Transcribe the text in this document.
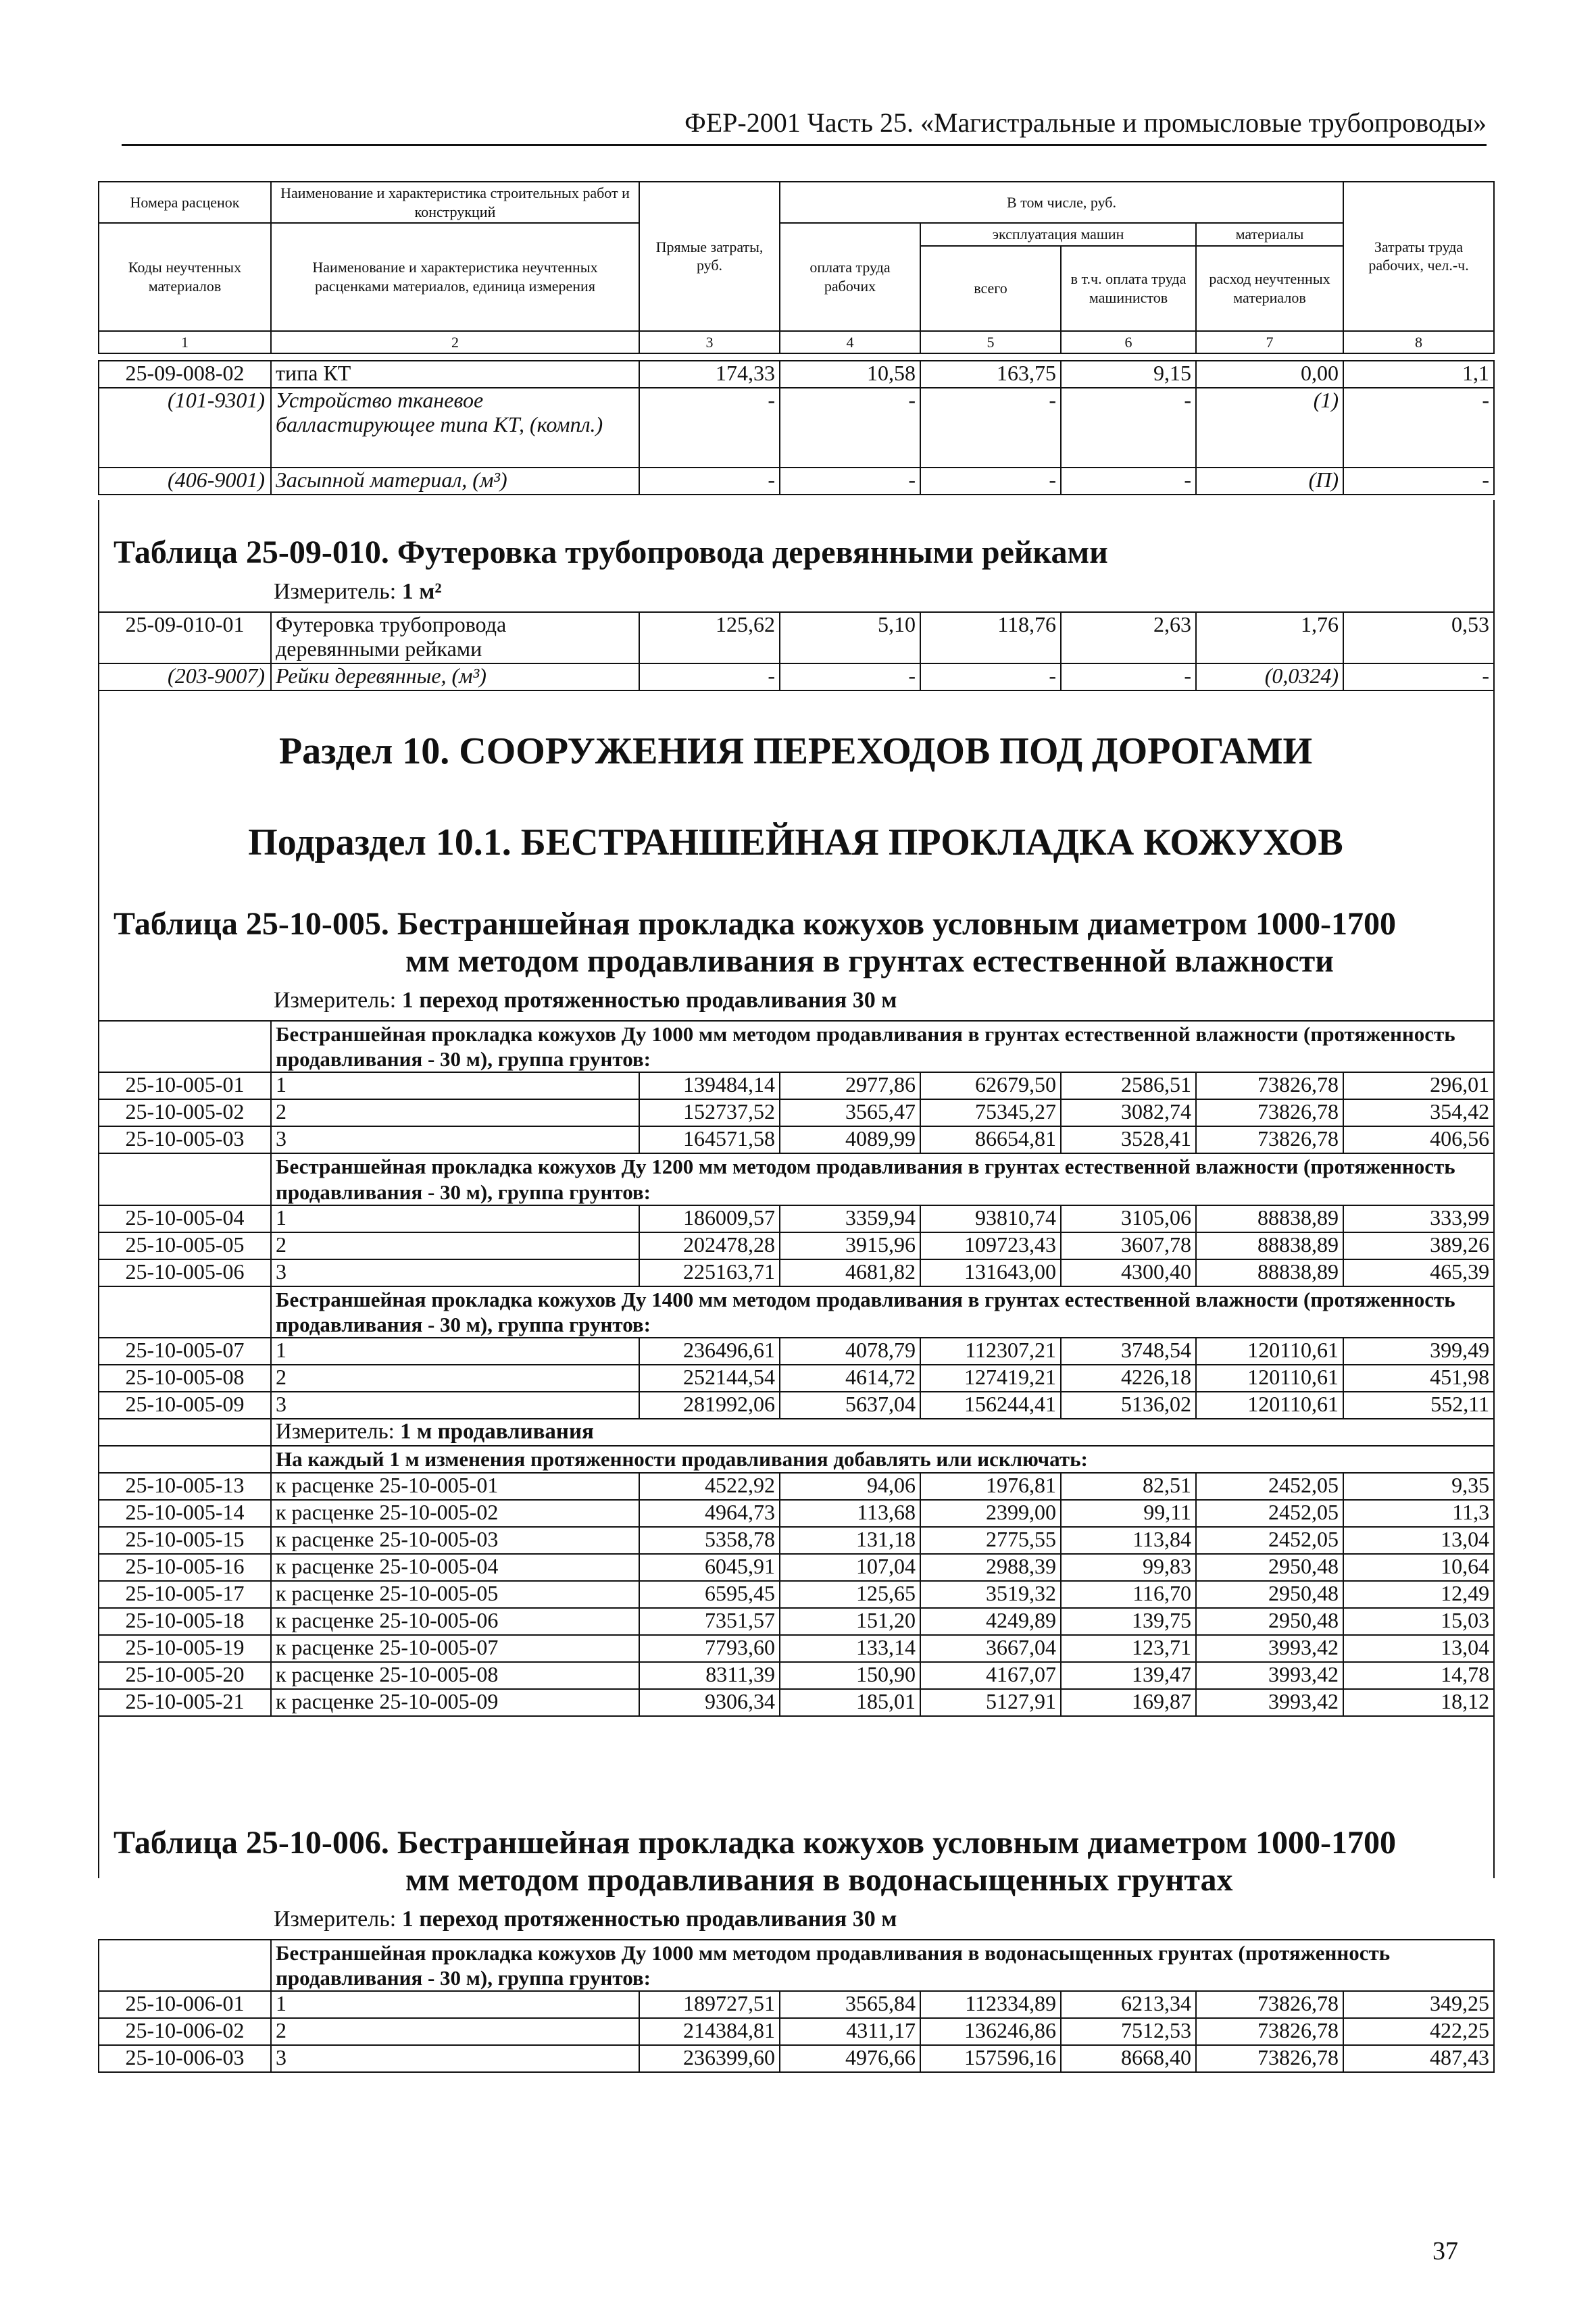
ФЕР-2001 Часть 25. «Магистральные и промысловые трубопроводы»
Номера расценок	Наименование и характеристика строительных работ и конструкций	Прямые затраты, руб.	В том числе, руб.				Затраты труда рабочих, чел.-ч.
Коды неучтенных материалов	Наименование и характеристика неучтенных расценками материалов, единица измерения		оплата труда рабочих	эксплуатация машин		материалы	
				всего	в т.ч. оплата труда машинистов	расход неучтенных материалов	
1	2	3	4	5	6	7	8
25-09-008-02	типа КТ	174,33	10,58	163,75	9,15	0,00	1,1
(101-9301)	Устройство тканевое балластирующее типа КТ, (компл.)	-	-	-	-	(1)	-
(406-9001)	Засыпной материал, (м³)	-	-	-	-	(П)	-
Таблица 25-09-010. Футеровка трубопровода деревянными рейками
Измеритель: 1 м²
25-09-010-01	Футеровка трубопровода деревянными рейками	125,62	5,10	118,76	2,63	1,76	0,53
(203-9007)	Рейки деревянные, (м³)	-	-	-	-	(0,0324)	-
Раздел 10. СООРУЖЕНИЯ ПЕРЕХОДОВ ПОД ДОРОГАМИ
Подраздел 10.1. БЕСТРАНШЕЙНАЯ ПРОКЛАДКА КОЖУХОВ
Таблица 25-10-005. Бестраншейная прокладка кожухов условным диаметром 1000-1700
мм методом продавливания в грунтах естественной влажности
Измеритель: 1 переход протяженностью продавливания 30 м
	Бестраншейная прокладка кожухов Ду 1000 мм методом продавливания в грунтах естественной влажности (протяженность продавливания - 30 м), группа грунтов:						
25-10-005-01	1	139484,14	2977,86	62679,50	2586,51	73826,78	296,01
25-10-005-02	2	152737,52	3565,47	75345,27	3082,74	73826,78	354,42
25-10-005-03	3	164571,58	4089,99	86654,81	3528,41	73826,78	406,56
	Бестраншейная прокладка кожухов Ду 1200 мм методом продавливания в грунтах естественной влажности (протяженность продавливания - 30 м), группа грунтов:						
25-10-005-04	1	186009,57	3359,94	93810,74	3105,06	88838,89	333,99
25-10-005-05	2	202478,28	3915,96	109723,43	3607,78	88838,89	389,26
25-10-005-06	3	225163,71	4681,82	131643,00	4300,40	88838,89	465,39
	Бестраншейная прокладка кожухов Ду 1400 мм методом продавливания в грунтах естественной влажности (протяженность продавливания - 30 м), группа грунтов:						
25-10-005-07	1	236496,61	4078,79	112307,21	3748,54	120110,61	399,49
25-10-005-08	2	252144,54	4614,72	127419,21	4226,18	120110,61	451,98
25-10-005-09	3	281992,06	5637,04	156244,41	5136,02	120110,61	552,11
	Измеритель: 1 м продавливания						
	На каждый 1 м изменения протяженности продавливания добавлять или исключать:						
25-10-005-13	к расценке 25-10-005-01	4522,92	94,06	1976,81	82,51	2452,05	9,35
25-10-005-14	к расценке 25-10-005-02	4964,73	113,68	2399,00	99,11	2452,05	11,3
25-10-005-15	к расценке 25-10-005-03	5358,78	131,18	2775,55	113,84	2452,05	13,04
25-10-005-16	к расценке 25-10-005-04	6045,91	107,04	2988,39	99,83	2950,48	10,64
25-10-005-17	к расценке 25-10-005-05	6595,45	125,65	3519,32	116,70	2950,48	12,49
25-10-005-18	к расценке 25-10-005-06	7351,57	151,20	4249,89	139,75	2950,48	15,03
25-10-005-19	к расценке 25-10-005-07	7793,60	133,14	3667,04	123,71	3993,42	13,04
25-10-005-20	к расценке 25-10-005-08	8311,39	150,90	4167,07	139,47	3993,42	14,78
25-10-005-21	к расценке 25-10-005-09	9306,34	185,01	5127,91	169,87	3993,42	18,12
Таблица 25-10-006. Бестраншейная прокладка кожухов условным диаметром 1000-1700
мм методом продавливания в водонасыщенных грунтах
Измеритель: 1 переход протяженностью продавливания 30 м
	Бестраншейная прокладка кожухов Ду 1000 мм методом продавливания в водонасыщенных грунтах (протяженность продавливания - 30 м), группа грунтов:						
25-10-006-01	1	189727,51	3565,84	112334,89	6213,34	73826,78	349,25
25-10-006-02	2	214384,81	4311,17	136246,86	7512,53	73826,78	422,25
25-10-006-03	3	236399,60	4976,66	157596,16	8668,40	73826,78	487,43
37
